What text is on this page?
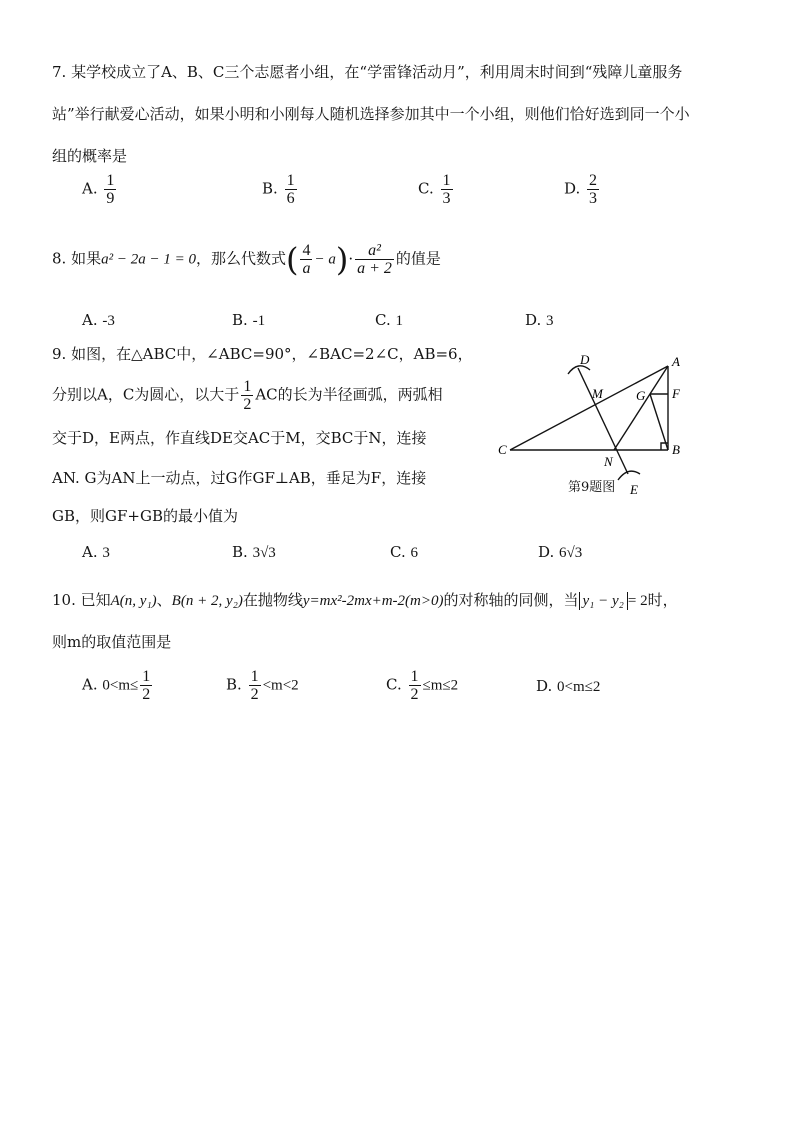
7. 某学校成立了A、B、C三个志愿者小组，在“学雷锋活动月”，利用周末时间到“残障儿童服务
站”举行献爱心活动，如果小明和小刚每人随机选择参加其中一个小组，则他们恰好选到同一个小
组的概率是
A. $\frac{1}{9}$	B. $\frac{1}{6}$	C. $\frac{1}{3}$	D. $\frac{2}{3}$
8. 如果a² − 2a − 1 = 0，那么代数式( $\frac{4}{a} - a)\cdot \frac{\text{a²}}{a + 2}$ 的值是
A. -3	B. -1	C. 1	D. 3
9. 如图，在△ABC中，∠ABC=90°，∠BAC=2∠C，AB=6，
分别以A，C为圆心，以大于 $\frac{1}{2}$ AC的长为半径画弧，两弧相
交于D，E两点，作直线DE交AC于M，交BC于N，连接
AN. G为AN上一动点，过G作GF⊥AB，垂足为F，连接
GB，则GF+GB的最小值为
A. 3	B. 3√3	C. 6	D. 6√3
D	A
M	G F
C	B
N
E
第9题图
10. 已知A(n, y₁)、B(n + 2, y₂)在抛物线y=mx²-2mx+m-2(m>0)的对称轴的同侧，当 y₁ − y₂ = 2时，
则m的取值范围是
A. $0<m\le \frac{1}{2}$	B. $\frac{1}{2} <m<2$	C. $\frac{1}{2} \le m\le 2$	D. 0<m≤2
